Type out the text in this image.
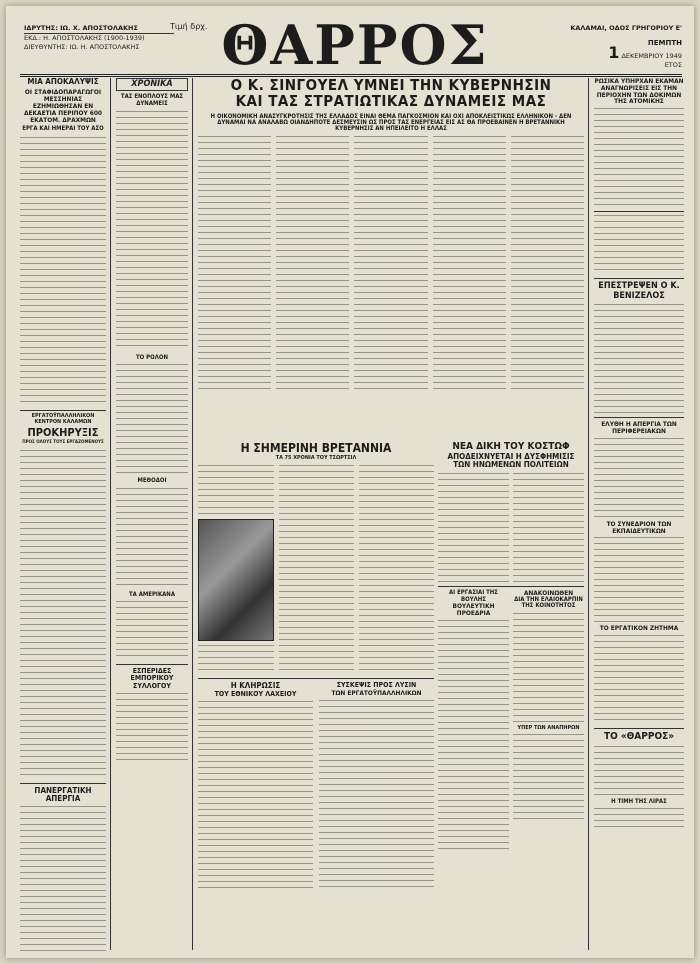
ΙΔΡΥΤΗΣ: ΙΩ. Χ. ΑΠΟΣΤΟΛΑΚΗΣ
ΕΚΔ.: Η. ΑΠΟΣΤΟΛΑΚΗΣ (1900-1939)
ΔΙΕΥΘΥΝΤΗΣ: ΙΩ. Η. ΑΠΟΣΤΟΛΑΚΗΣ
Τιμή δρχ. ΘΑΡΡΟΣ	ΚΑΛΑΜΑΙ, ΟΔΟΣ ΓΡΗΓΟΡΙΟΥ Ε'
ΠΕΜΠΤΗ
1 ΔΕΚΕΜΒΡΙΟΥ 1949
ΕΤΟΣ
ΜΙΑ ΑΠΟΚΑΛΥΨΙΣ
ΟΙ ΣΤΑΦΙΔΟΠΑΡΑΓΩΓΟΙ ΜΕΣΣΗΝΙΑΣ ΕΖΗΜΙΩΘΗΣΑΝ ΕΝ ΔΕΚΑΕΤΙΑ ΠΕΡΙΠΟΥ 600 ΕΚΑΤΟΜ. ΔΡΑΧΜΩΝ
ΕΡΓΑ ΚΑΙ ΗΜΕΡΑΙ ΤΟΥ ΑΣΟ
ΕΡΓΑΤΟΫΠΑΛΛΗΛΙΚΟΝ ΚΕΝΤΡΟΝ ΚΑΛΑΜΩΝ
ΠΡΟΚΗΡΥΞΙΣ
ΠΡΟΣ ΟΛΟΥΣ ΤΟΥΣ ΕΡΓΑΖΟΜΕΝΟΥΣ
ΠΑΝΕΡΓΑΤΙΚΗ ΑΠΕΡΓΙΑ
ΧΡΟΝΙΚΑ
ΤΑΣ ΕΝΟΠΛΟΥΣ ΜΑΣ ΔΥΝΑΜΕΙΣ
ΤΟ ΡΟΛΟΝ
ΜΕΘΟΔΟΙ
ΤΑ ΑΜΕΡΙΚΑΝΑ
ΕΣΠΕΡΙΔΕΣ ΕΜΠΟΡΙΚΟΥ ΣΥΛΛΟΓΟΥ
Ο Κ. ΣΙΝΓΟΥΕΛ ΥΜΝΕΙ ΤΗΝ ΚΥΒΕΡΝΗΣΙΝ
ΚΑΙ ΤΑΣ ΣΤΡΑΤΙΩΤΙΚΑΣ ΔΥΝΑΜΕΙΣ ΜΑΣ
Η ΟΙΚΟΝΟΜΙΚΗ ΑΝΑΣΥΓΚΡΟΤΗΣΙΣ ΤΗΣ ΕΛΛΑΔΟΣ ΕΙΝΑΙ ΘΕΜΑ ΠΑΓΚΟΣΜΙΟΝ ΚΑΙ ΟΧΙ ΑΠΟΚΛΕΙΣΤΙΚΩΣ ΕΛΛΗΝΙΚΟΝ - ΔΕΝ ΔΥΝΑΜΑΙ ΝΑ ΑΝΑΛΑΒΩ ΟΙΑΝΔΗΠΟΤΕ ΔΕΣΜΕΥΣΙΝ ΩΣ ΠΡΟΣ ΤΑΣ ΕΝΕΡΓΕΙΑΣ ΕΙΣ ΑΣ ΘΑ ΠΡΟΕΒΑΙΝΕΝ Η ΒΡΕΤΑΝΝΙΚΗ ΚΥΒΕΡΝΗΣΙΣ ΑΝ ΗΠΕΙΛΕΙΤΟ Η ΕΛΛΑΣ
Η ΣΗΜΕΡΙΝΗ ΒΡΕΤΑΝΝΙΑ
ΤΑ 75 ΧΡΟΝΙΑ ΤΟΥ ΤΣΩΡΤΣΙΛ
Η ΚΛΗΡΩΣΙΣ
ΤΟΥ ΕΘΝΙΚΟΥ ΛΑΧΕΙΟΥ
ΣΥΣΚΕΨΙΣ ΠΡΟΣ ΛΥΣΙΝ
ΤΩΝ ΕΡΓΑΤΟΫΠΑΛΛΗΛΙΚΩΝ
ΝΕΑ ΔΙΚΗ ΤΟΥ ΚΟΣΤΩΦ
ΑΠΟΔΕΙΧΝΥΕΤΑΙ Η ΔΥΣΦΗΜΙΣΙΣ
ΤΩΝ ΗΝΩΜΕΝΩΝ ΠΟΛΙΤΕΙΩΝ
ΑΙ ΕΡΓΑΣΙΑΙ ΤΗΣ ΒΟΥΛΗΣ
ΒΟΥΛΕΥΤΙΚΗ ΠΡΟΕΔΡΙΑ
ΑΝΑΚΟΙΝΩΘΕΝ
ΔΙΑ ΤΗΝ ΕΛΑΙΟΚΑΡΠΙΝ
ΤΗΣ ΚΟΙΝΟΤΗΤΟΣ
ΥΠΕΡ ΤΩΝ ΑΝΑΠΗΡΩΝ
ΡΩΣΙΚΑ ΥΠΗΡΧΑΝ ΕΚΑΜΑΝ ΑΝΑΓΝΩΡΙΣΕΙΣ ΕΙΣ ΤΗΝ ΠΕΡΙΟΧΗΝ ΤΩΝ ΔΟΚΙΜΩΝ ΤΗΣ ΑΤΟΜΙΚΗΣ
ΕΠΕΣΤΡΕΨΕΝ Ο Κ. ΒΕΝΙΖΕΛΟΣ
ΕΛΥΘΗ Η ΑΠΕΡΓΙΑ ΤΩΝ ΠΕΡΙΦΕΡΕΙΑΚΩΝ
ΤΟ ΣΥΝΕΔΡΙΟΝ ΤΩΝ ΕΚΠΑΙΔΕΥΤΙΚΩΝ
ΤΟ ΕΡΓΑΤΙΚΟΝ ΖΗΤΗΜΑ
ΤΟ «ΘΑΡΡΟΣ»
Η ΤΙΜΗ ΤΗΣ ΛΙΡΑΣ
